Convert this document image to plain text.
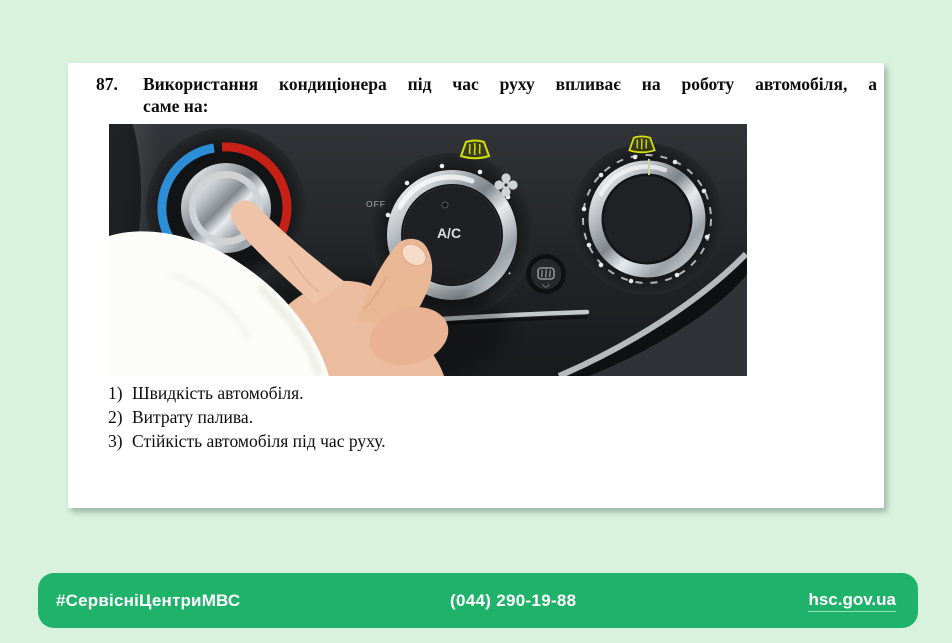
87.	Використання кондиціонера під час руху впливає на роботу автомобіля, а
саме на:
OFF
A/C
1) Швидкість автомобіля.
2) Витрату палива.
3) Стійкість автомобіля під час руху.
#СервісніЦентриМВС	(044) 290-19-88	hsc.gov.ua
